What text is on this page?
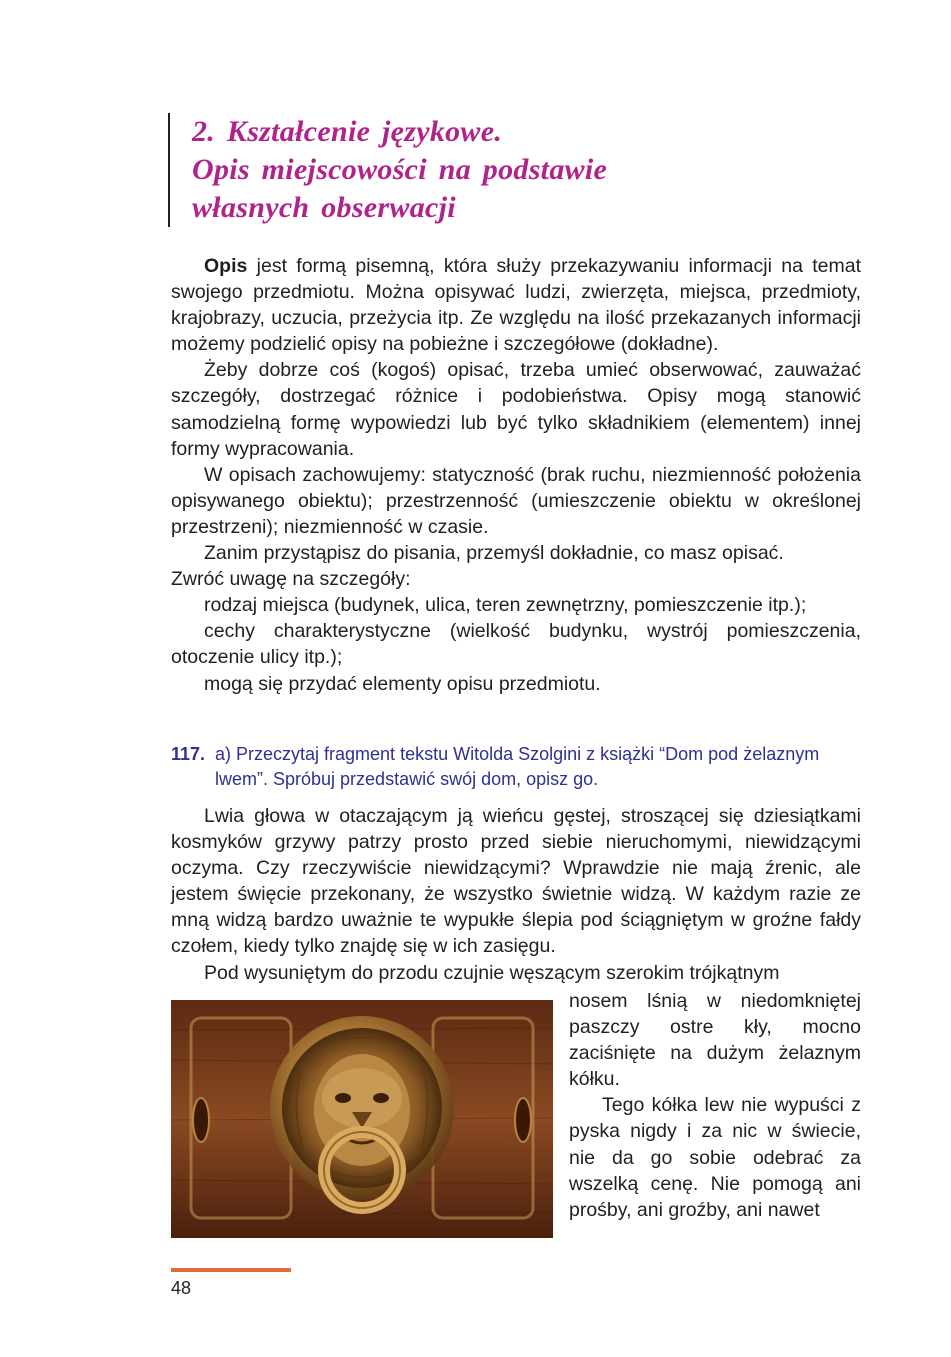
2. Kształcenie językowe.

Opis miejscowości na podstawie

własnych obserwacji

Opis jest formą pisemną, która służy przekazywaniu informacji na temat swojego przedmiotu. Można opisywać ludzi, zwierzęta, miejsca, przedmioty, krajobrazy, uczucia, przeżycia itp. Ze względu na ilość przekazanych informacji możemy podzielić opisy na pobieżne i szczegółowe (dokładne).

Żeby dobrze coś (kogoś) opisać, trzeba umieć obserwować, zauważać szczegóły, dostrzegać różnice i podobieństwa. Opisy mogą stanowić samodzielną formę wypowiedzi lub być tylko składnikiem (elementem) innej formy wypracowania.

W opisach zachowujemy: statyczność (brak ruchu, niezmienność położenia opisywanego obiektu); przestrzenność (umieszczenie obiektu w określonej przestrzeni); niezmienność w czasie.

Zanim przystąpisz do pisania, przemyśl dokładnie, co masz opisać.

Zwróć uwagę na szczegóły:

rodzaj miejsca (budynek, ulica, teren zewnętrzny, pomieszczenie itp.);

cechy charakterystyczne (wielkość budynku, wystrój pomieszczenia, otoczenie ulicy itp.);

mogą się przydać elementy opisu przedmiotu.

117. a) Przeczytaj fragment tekstu Witolda Szolgini z książki “Dom pod żelaznym
lwem”. Spróbuj przedstawić swój dom, opisz go.

Lwia głowa w otaczającym ją wieńcu gęstej, stroszącej się dziesiątkami kosmyków grzywy patrzy prosto przed siebie nieruchomymi, niewidzącymi oczyma. Czy rzeczywiście niewidzącymi? Wprawdzie nie mają źrenic, ale jestem święcie przekonany, że wszystko świetnie widzą. W każdym razie ze mną widzą bardzo uważnie te wypukłe ślepia pod ściągniętym w groźne fałdy czołem, kiedy tylko znajdę się w ich zasięgu.

Pod wysuniętym do przodu czujnie węszącym szerokim trójkątnym

nosem lśnią w niedomkniętej paszczy ostre kły, mocno zaciśnięte na dużym żelaznym kółku.

Tego kółka lew nie wypuści z pyska nigdy i za nic w świecie, nie da go sobie odebrać za wszelką cenę. Nie pomogą ani prośby, ani groźby, ani nawet

48
